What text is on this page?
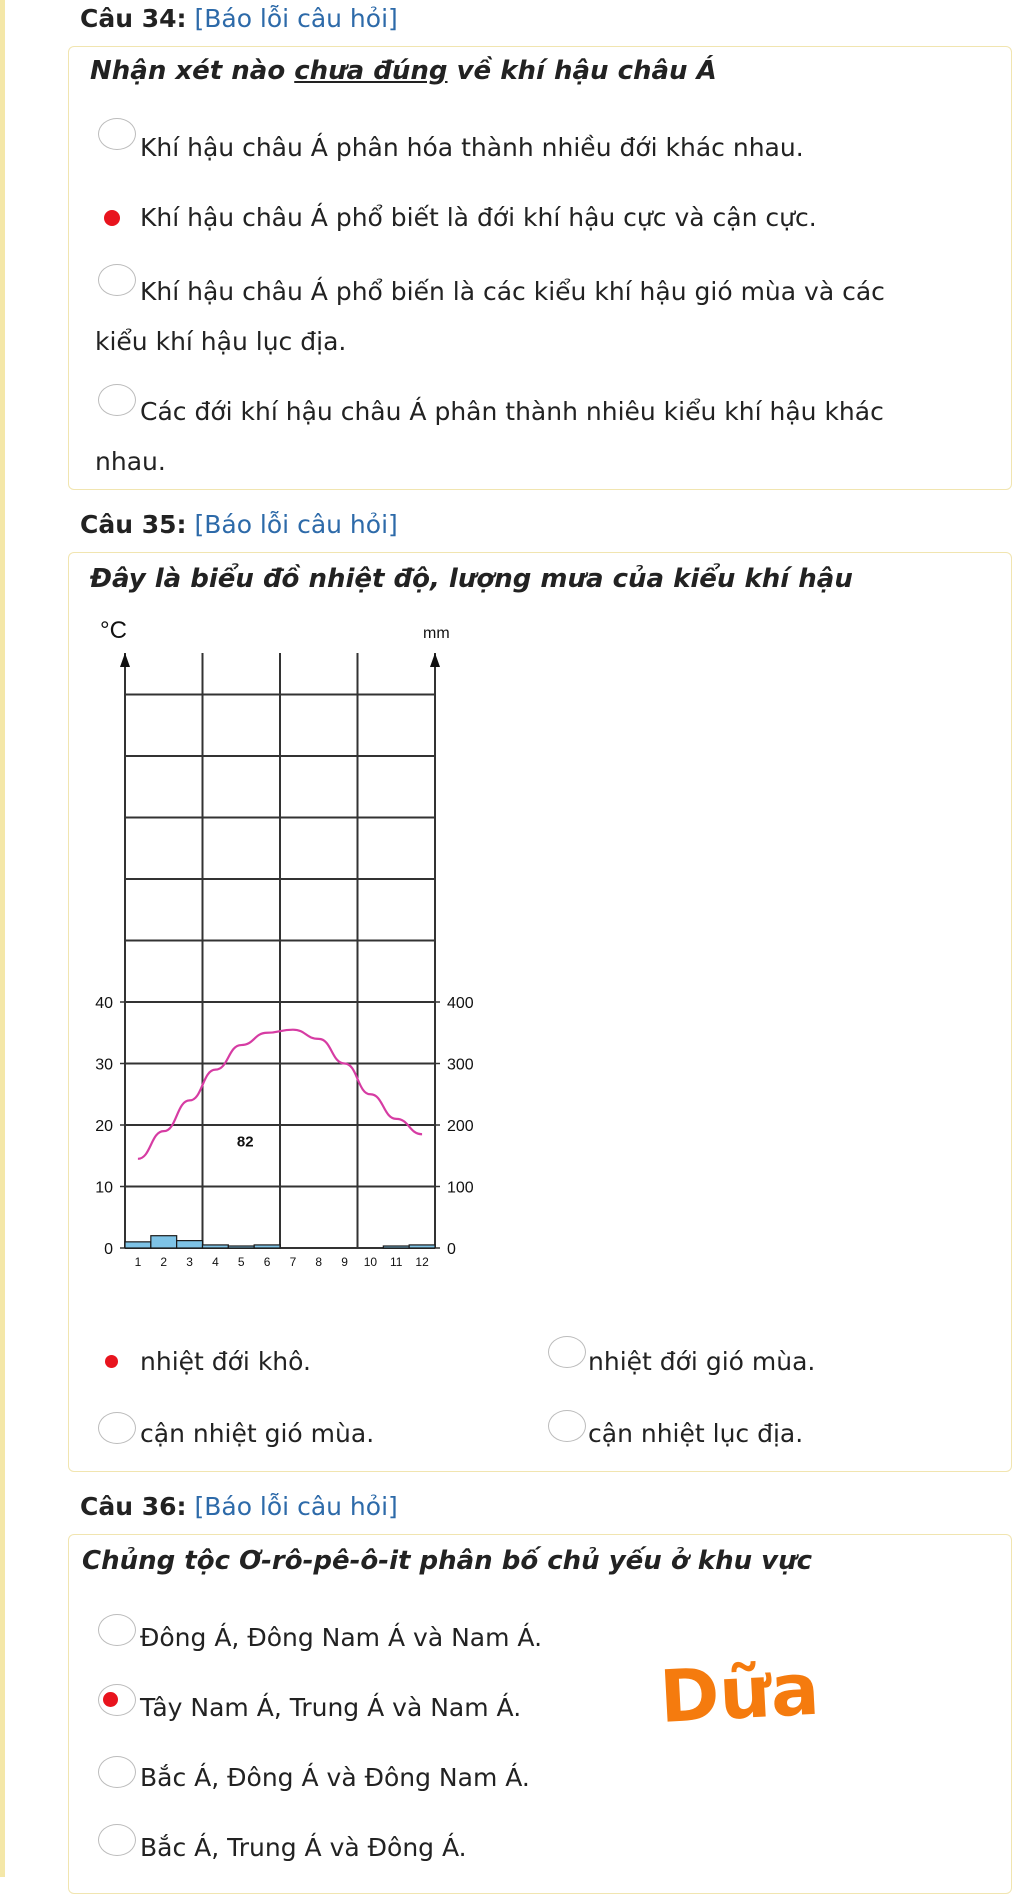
Câu 34: [Báo lỗi câu hỏi]
Nhận xét nào chưa đúng về khí hậu châu Á
Khí hậu châu Á phân hóa thành nhiều đới khác nhau.
Khí hậu châu Á phổ biết là đới khí hậu cực và cận cực.
Khí hậu châu Á phổ biến là các kiểu khí hậu gió mùa và các
kiểu khí hậu lục địa.
Các đới khí hậu châu Á phân thành nhiêu kiểu khí hậu khác
nhau.
Câu 35: [Báo lỗi câu hỏi]
Đây là biểu đồ nhiệt độ, lượng mưa của kiểu khí hậu
0
10
20
30
40
0
100
200
300
400
°C	mm
82
1 2 3 4 5 6 7 8 9 10 11 12
nhiệt đới khô.	nhiệt đới gió mùa.
cận nhiệt gió mùa.	cận nhiệt lục địa.
Câu 36: [Báo lỗi câu hỏi]
Chủng tộc Ơ-rô-pê-ô-it phân bố chủ yếu ở khu vực
Đông Á, Đông Nam Á và Nam Á.
Tây Nam Á, Trung Á và Nam Á.
Bắc Á, Đông Á và Đông Nam Á.
Bắc Á, Trung Á và Đông Á.
Dữa
